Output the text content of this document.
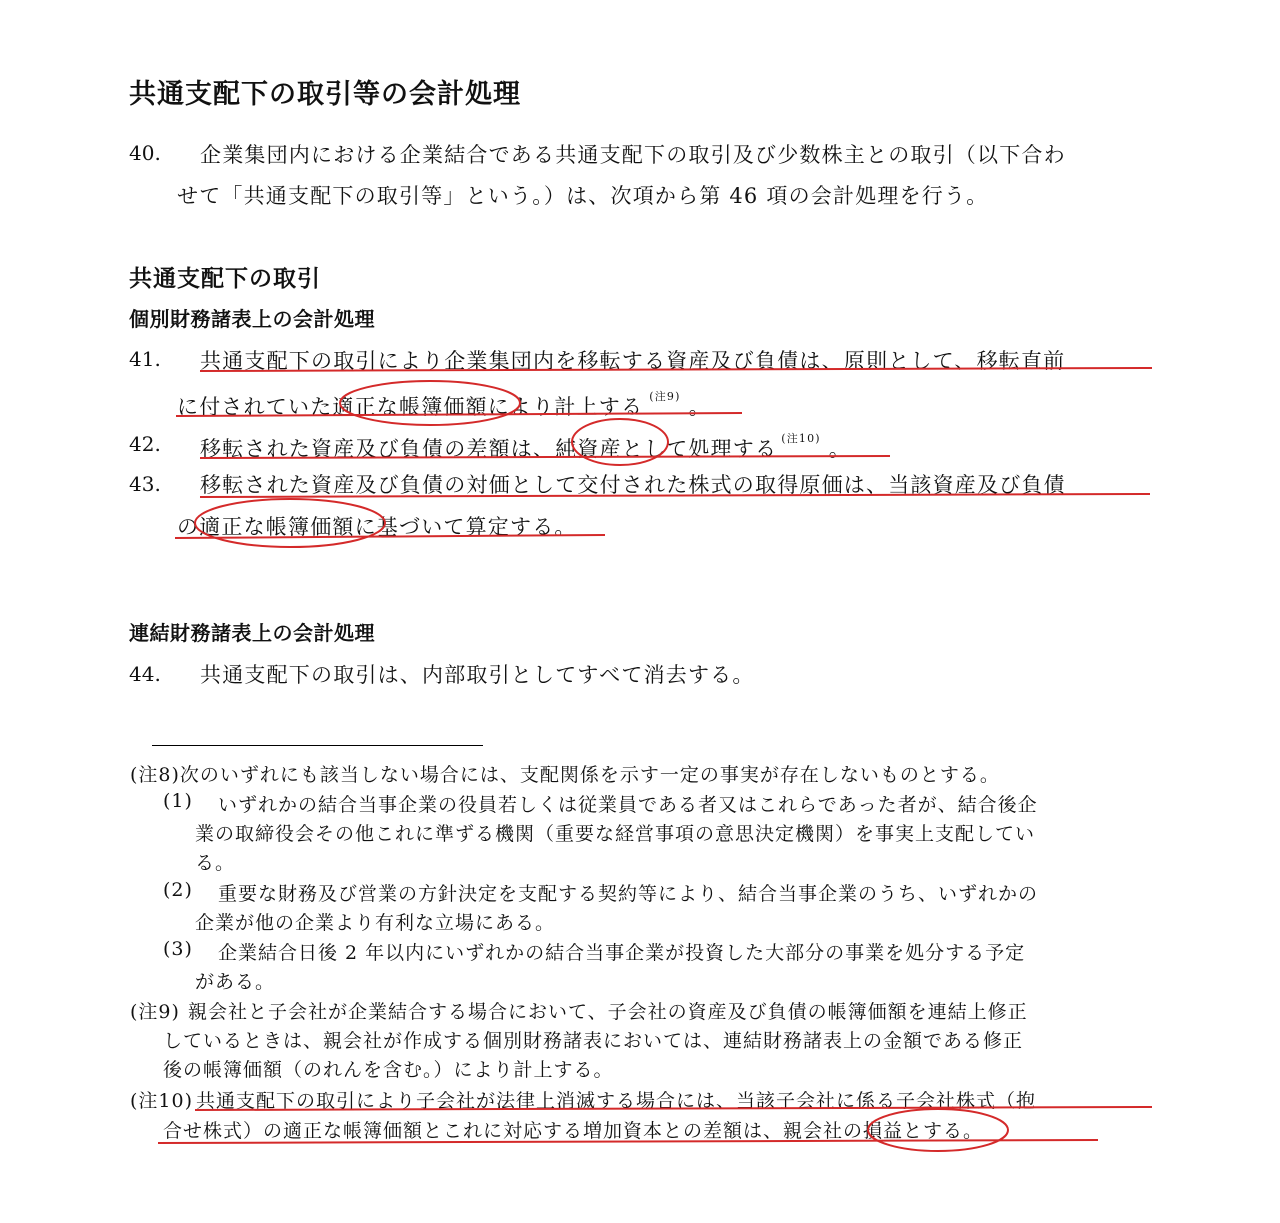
共通支配下の取引等の会計処理
40. 企業集団内における企業結合である共通支配下の取引及び少数株主との取引（以下合わ
せて「共通支配下の取引等」という。）は、次項から第 46 項の会計処理を行う。
共通支配下の取引
個別財務諸表上の会計処理
41. 共通支配下の取引により企業集団内を移転する資産及び負債は、原則として、移転直前
に付されていた適正な帳簿価額により計上する $^{(注9)}$ 。
42. 移転された資産及び負債の差額は、純資産として処理する $^{(注10)}$ 。
43. 移転された資産及び負債の対価として交付された株式の取得原価は、当該資産及び負債
の適正な帳簿価額に基づいて算定する。
連結財務諸表上の会計処理
44. 共通支配下の取引は、内部取引としてすべて消去する。
(注8)次のいずれにも該当しない場合には、支配関係を示す一定の事実が存在しないものとする。
(1) いずれかの結合当事企業の役員若しくは従業員である者又はこれらであった者が、結合後企
業の取締役会その他これに準ずる機関（重要な経営事項の意思決定機関）を事実上支配してい
る。
(2) 重要な財務及び営業の方針決定を支配する契約等により、結合当事企業のうち、いずれかの
企業が他の企業より有利な立場にある。
(3) 企業結合日後 2 年以内にいずれかの結合当事企業が投資した大部分の事業を処分する予定
がある。
(注9) 親会社と子会社が企業結合する場合において、子会社の資産及び負債の帳簿価額を連結上修正
しているときは、親会社が作成する個別財務諸表においては、連結財務諸表上の金額である修正
後の帳簿価額（のれんを含む。）により計上する。
(注10) 共通支配下の取引により子会社が法律上消滅する場合には、当該子会社に係る子会社株式（抱
合せ株式）の適正な帳簿価額とこれに対応する増加資本との差額は、親会社の損益とする。
